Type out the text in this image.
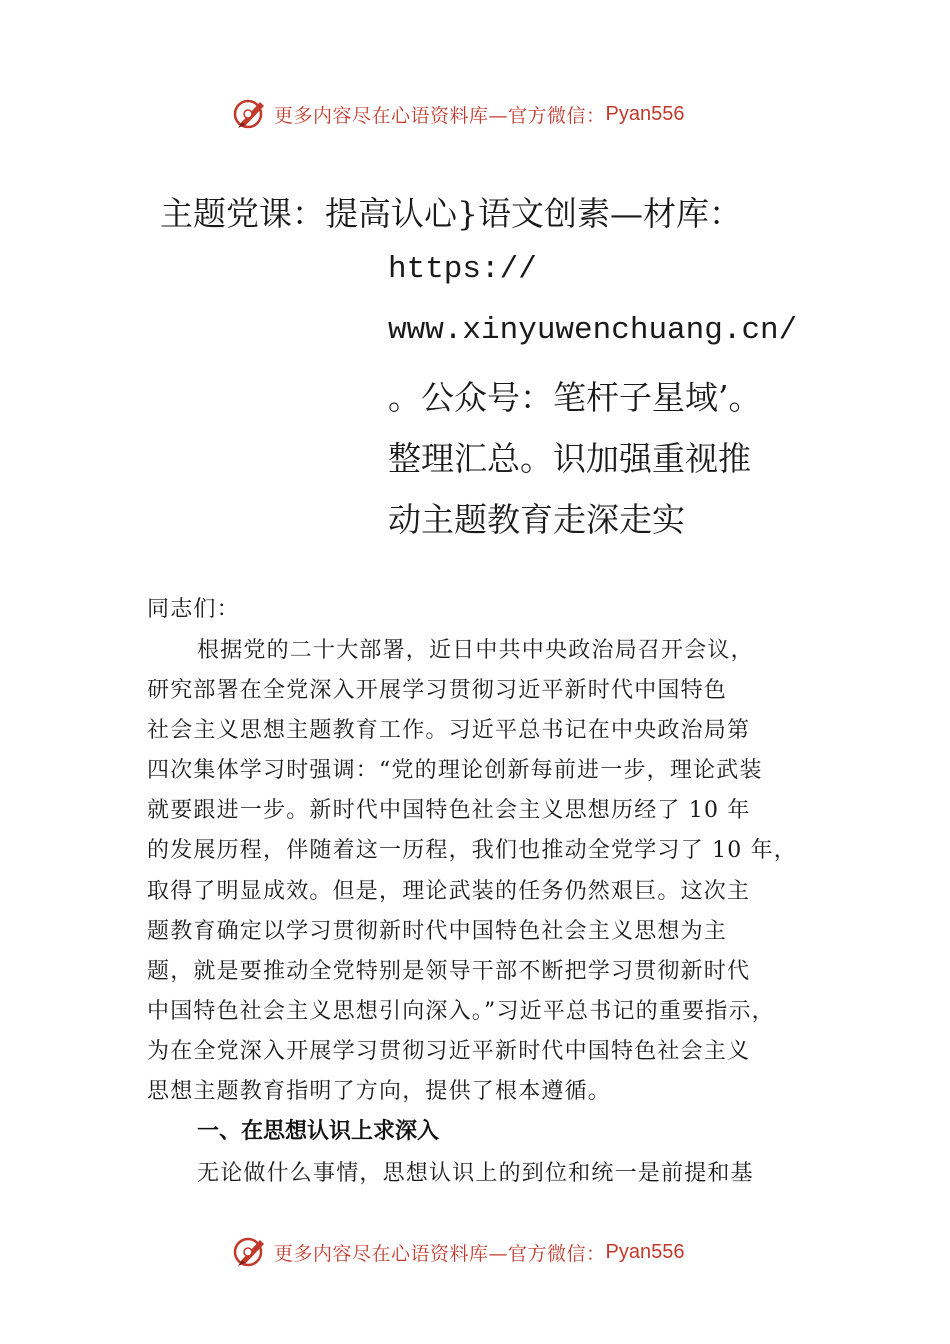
更多内容尽在心语资料库—官方微信： Pyan556
主题党课：提高认心}语文创素—材库：
https://
www.xinyuwenchuang.cn/
。公众号：笔杆子星域’。
整理汇总。识加强重视推
动主题教育走深走实
同志们：
根据党的二十大部署，近日中共中央政治局召开会议，
研究部署在全党深入开展学习贯彻习近平新时代中国特色
社会主义思想主题教育工作。习近平总书记在中央政治局第
四次集体学习时强调：“党的理论创新每前进一步，理论武装
就要跟进一步。新时代中国特色社会主义思想历经了 10 年
的发展历程，伴随着这一历程，我们也推动全党学习了 10 年，
取得了明显成效。但是，理论武装的任务仍然艰巨。这次主
题教育确定以学习贯彻新时代中国特色社会主义思想为主
题，就是要推动全党特别是领导干部不断把学习贯彻新时代
中国特色社会主义思想引向深入。”习近平总书记的重要指示，
为在全党深入开展学习贯彻习近平新时代中国特色社会主义
思想主题教育指明了方向，提供了根本遵循。
一、在思想认识上求深入
无论做什么事情，思想认识上的到位和统一是前提和基
更多内容尽在心语资料库—官方微信： Pyan556
